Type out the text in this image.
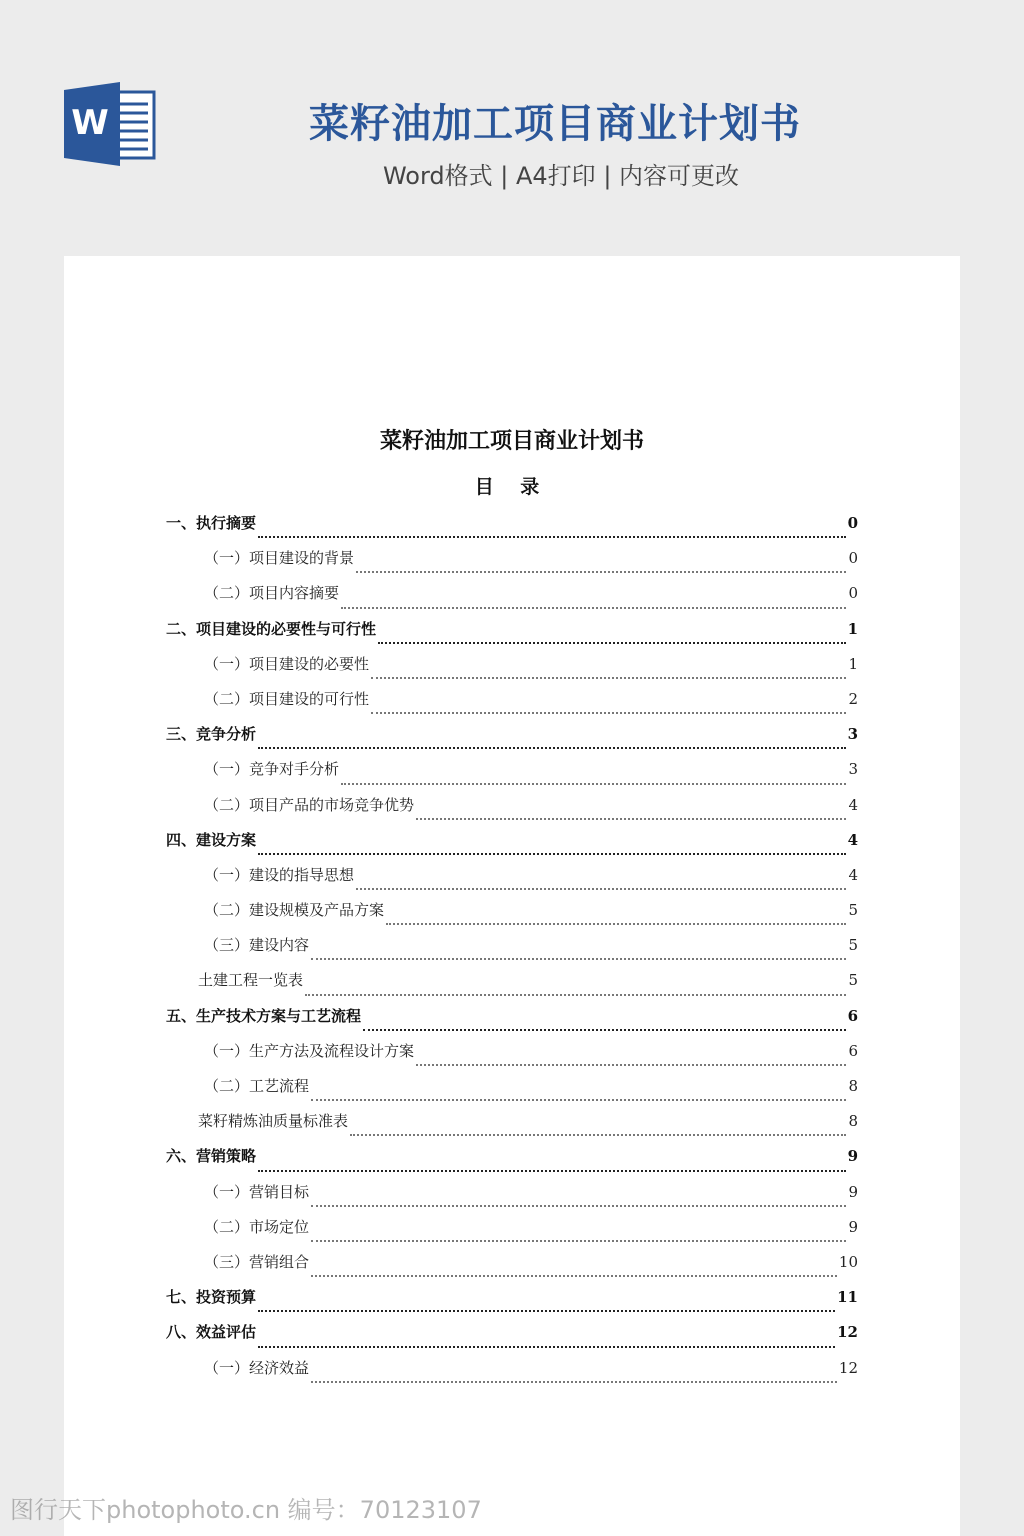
W	菜籽油加工项目商业计划书
Word格式 | A4打印 | 内容可更改
菜籽油加工项目商业计划书
目 录
一、执行摘要	0
（一）项目建设的背景	0
（二）项目内容摘要	0
二、项目建设的必要性与可行性	1
（一）项目建设的必要性	1
（二）项目建设的可行性	2
三、竞争分析	3
（一）竞争对手分析	3
（二）项目产品的市场竞争优势	4
四、建设方案	4
（一）建设的指导思想	4
（二）建设规模及产品方案	5
（三）建设内容	5
土建工程一览表	5
五、生产技术方案与工艺流程	6
（一）生产方法及流程设计方案	6
（二）工艺流程	8
菜籽精炼油质量标准表	8
六、营销策略	9
（一）营销目标	9
（二）市场定位	9
（三）营销组合	10
七、投资预算	11
八、效益评估	12
（一）经济效益	12
图行天下photophoto.cn 编号：70123107
